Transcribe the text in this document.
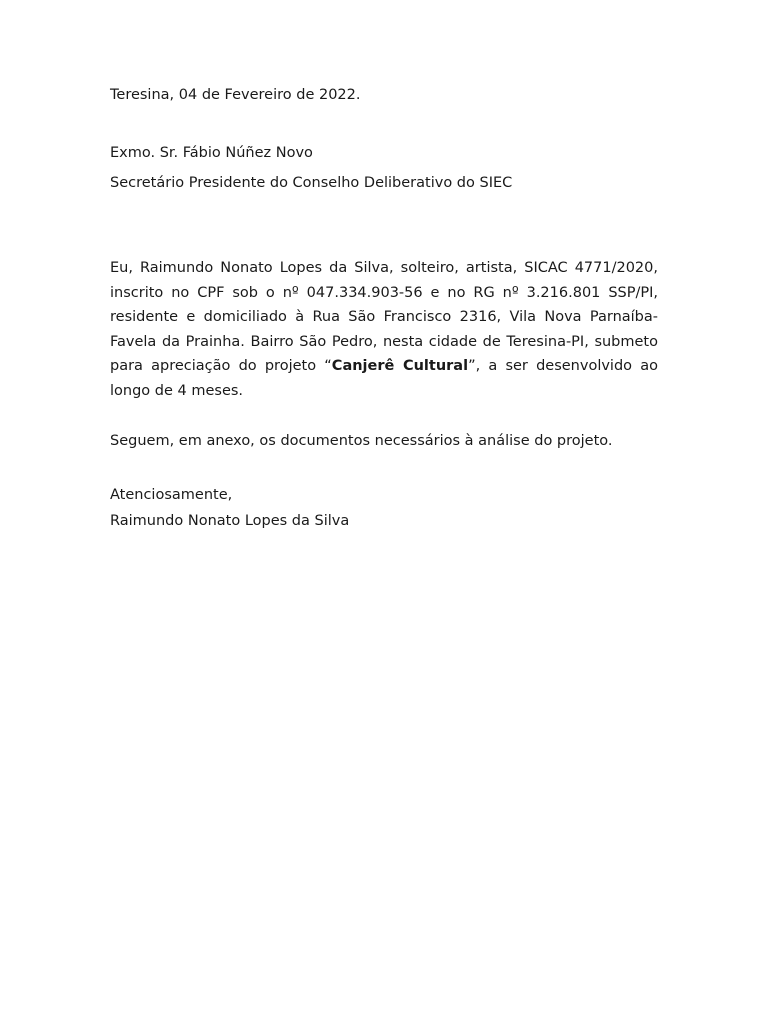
Teresina, 04 de Fevereiro de 2022.

Exmo. Sr. Fábio Núñez Novo

Secretário Presidente do Conselho Deliberativo do SIEC

Eu, Raimundo Nonato Lopes da Silva, solteiro, artista, SICAC 4771/2020, inscrito no CPF sob o nº 047.334.903-56 e no RG nº 3.216.801 SSP/PI, residente e domiciliado à Rua São Francisco 2316, Vila Nova Parnaíba-Favela da Prainha. Bairro São Pedro, nesta cidade de Teresina-PI, submeto para apreciação do projeto “Canjerê Cultural”, a ser desenvolvido ao longo de 4 meses.

Seguem, em anexo, os documentos necessários à análise do projeto.

Atenciosamente,

Raimundo Nonato Lopes da Silva
